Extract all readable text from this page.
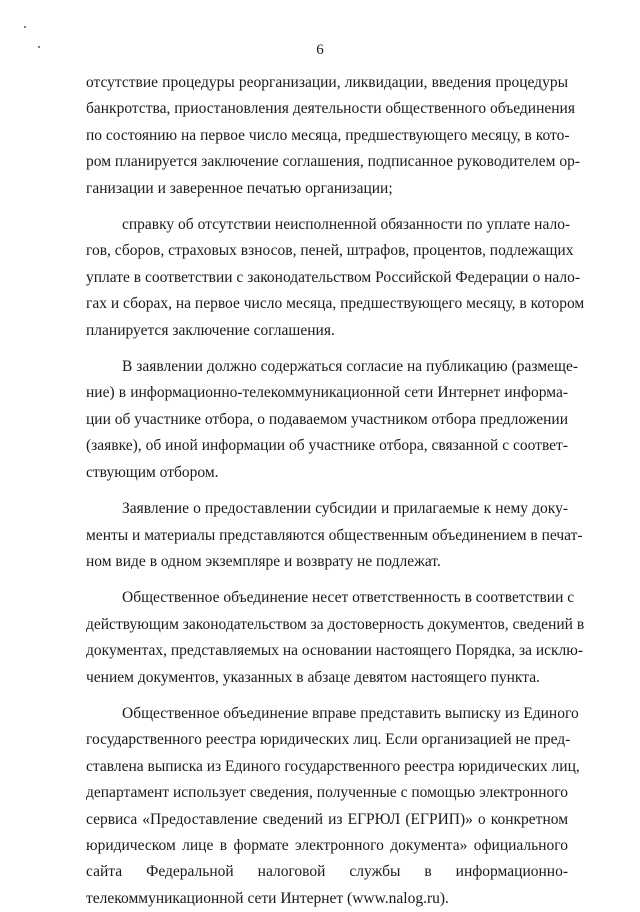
6
отсутствие процедуры реорганизации, ликвидации, введения процедуры
банкротства, приостановления деятельности общественного объединения
по состоянию на первое число месяца, предшествующего месяцу, в кото-
ром планируется заключение соглашения, подписанное руководителем ор-
ганизации и заверенное печатью организации;
справку об отсутствии неисполненной обязанности по уплате нало-
гов, сборов, страховых взносов, пеней, штрафов, процентов, подлежащих
уплате в соответствии с законодательством Российской Федерации о нало-
гах и сборах, на первое число месяца, предшествующего месяцу, в котором
планируется заключение соглашения.
В заявлении должно содержаться согласие на публикацию (размеще-
ние) в информационно-телекоммуникационной сети Интернет информа-
ции об участнике отбора, о подаваемом участником отбора предложении
(заявке), об иной информации об участнике отбора, связанной с соответ-
ствующим отбором.
Заявление о предоставлении субсидии и прилагаемые к нему доку-
менты и материалы представляются общественным объединением в печат-
ном виде в одном экземпляре и возврату не подлежат.
Общественное объединение несет ответственность в соответствии с
действующим законодательством за достоверность документов, сведений в
документах, представляемых на основании настоящего Порядка, за исклю-
чением документов, указанных в абзаце девятом настоящего пункта.
Общественное объединение вправе представить выписку из Единого
государственного реестра юридических лиц. Если организацией не пред-
ставлена выписка из Единого государственного реестра юридических лиц,
департамент использует сведения, полученные с помощью электронного
сервиса «Предоставление сведений из ЕГРЮЛ (ЕГРИП)» о конкретном
юридическом лице в формате электронного документа» официального
сайта Федеральной налоговой службы в информационно-
телекоммуникационной сети Интернет (www.nalog.ru).
